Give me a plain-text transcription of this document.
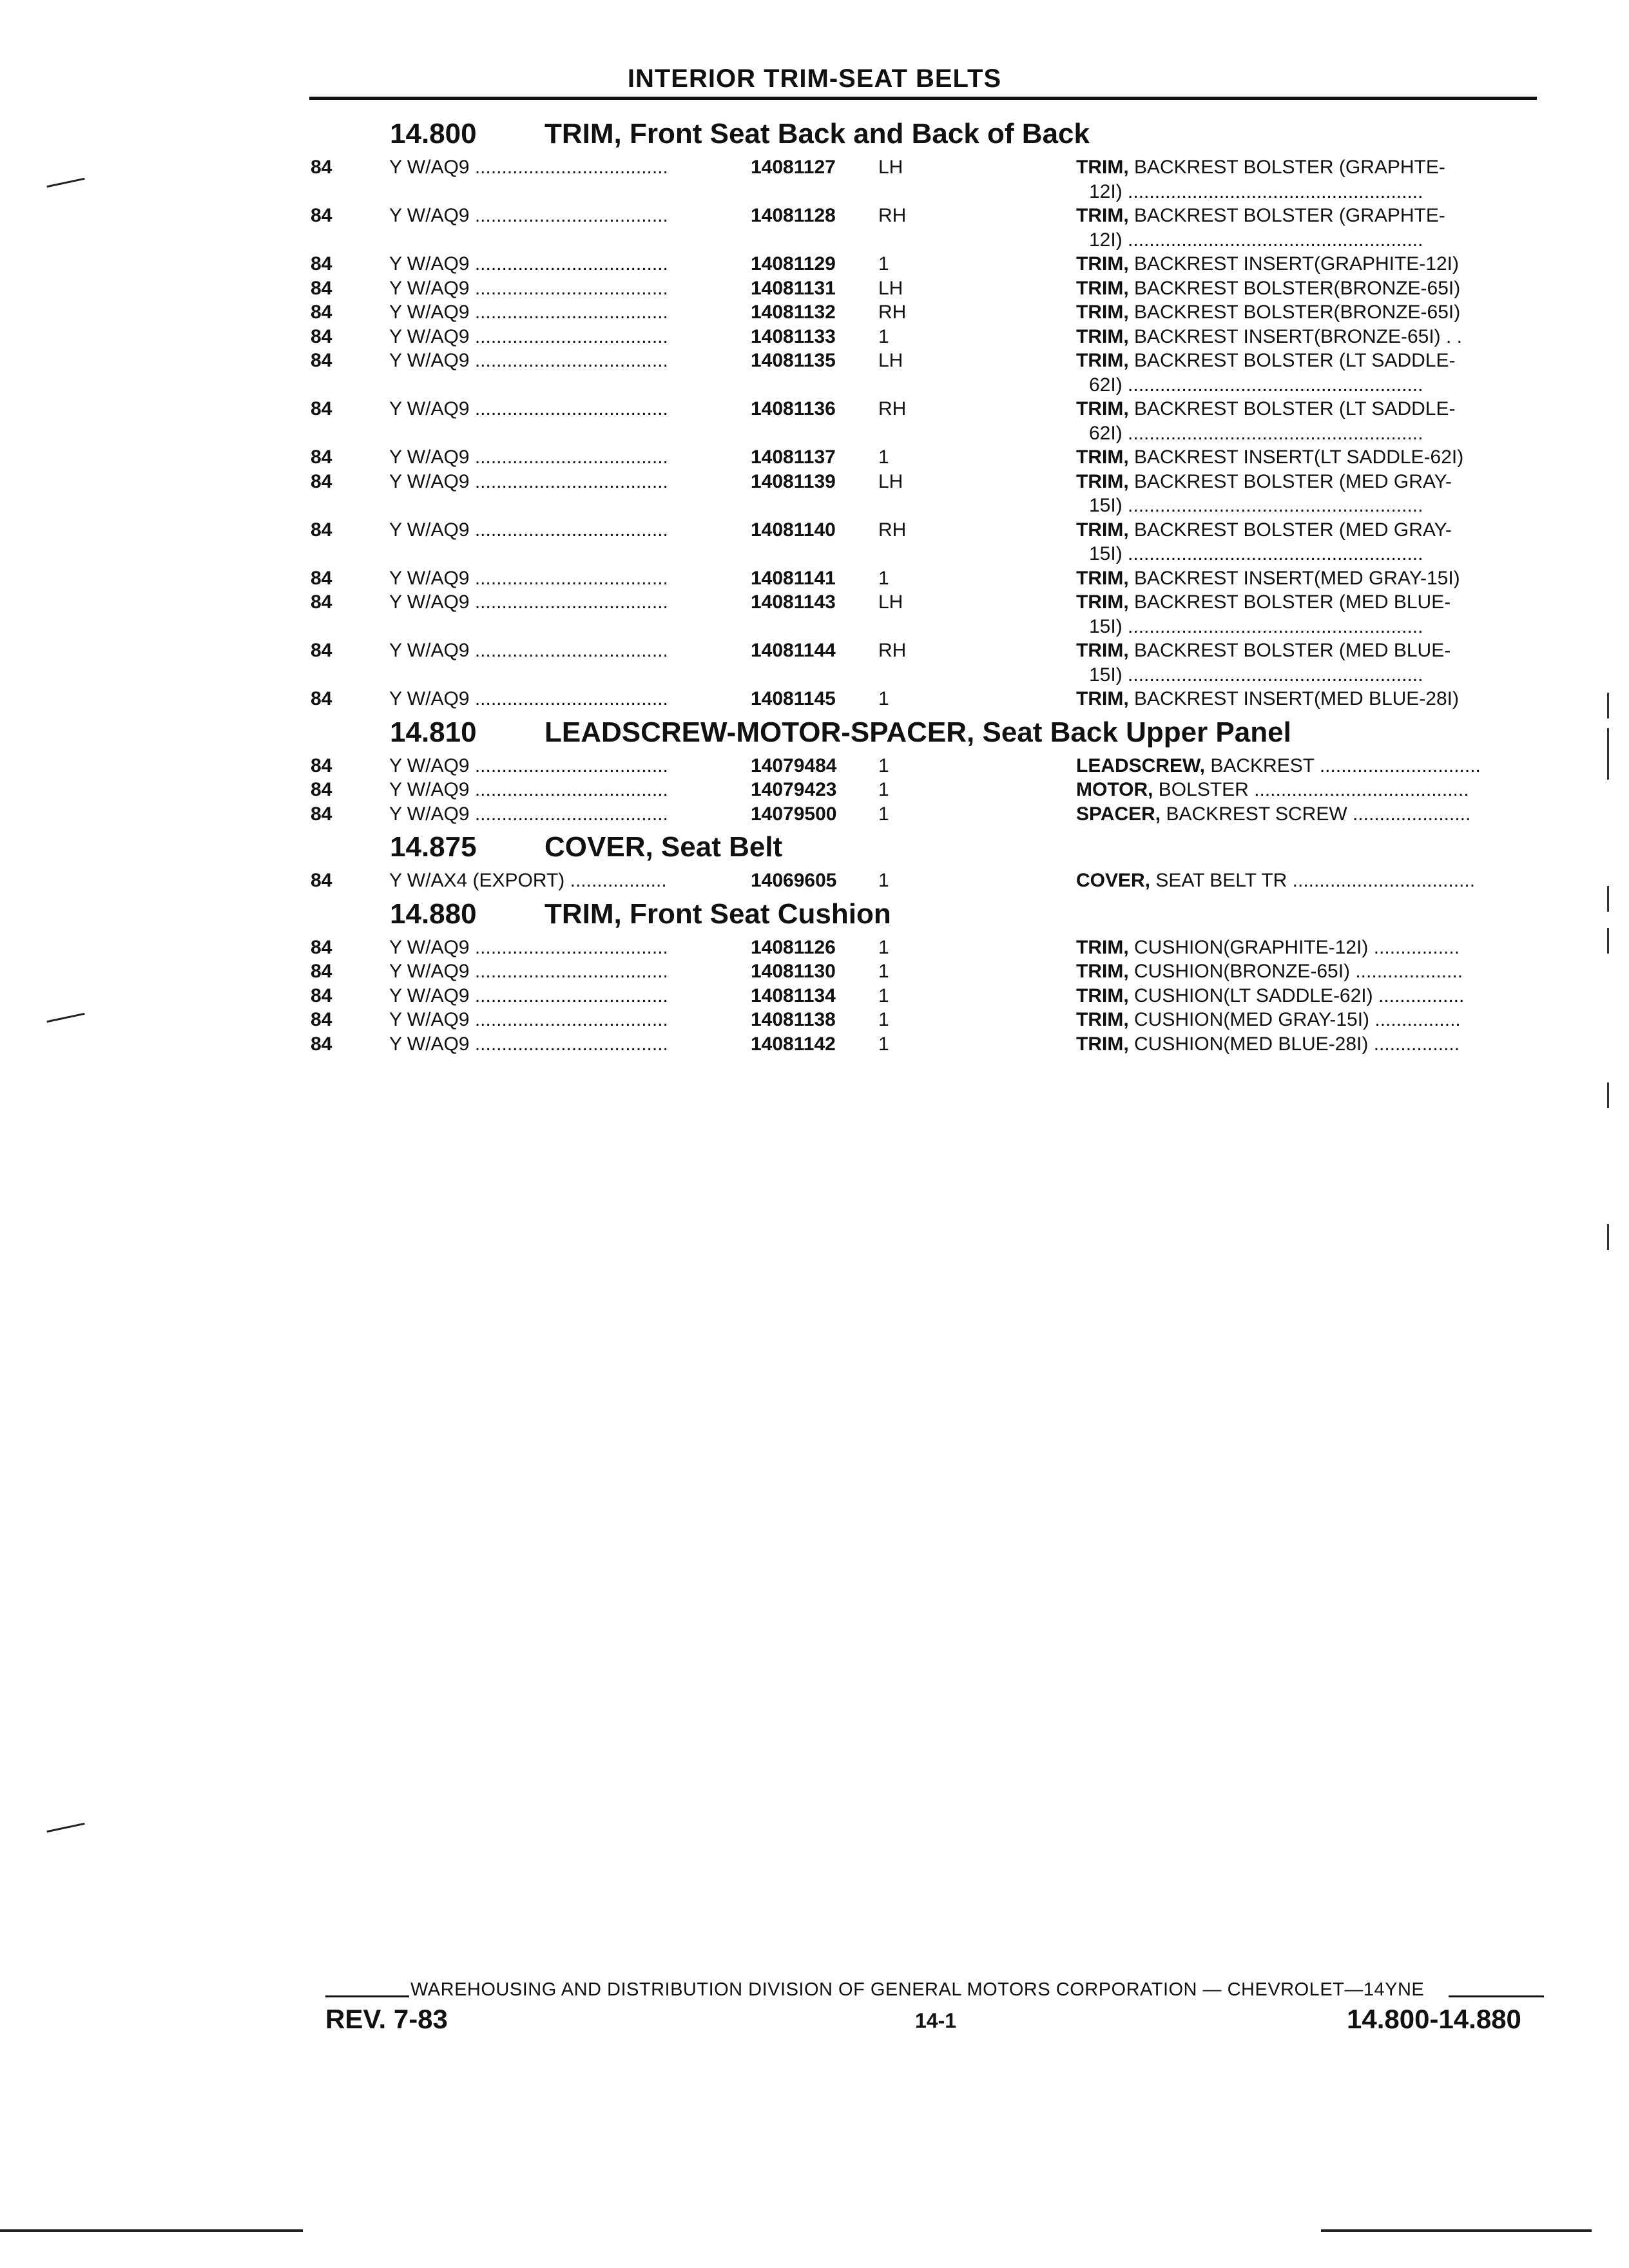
INTERIOR TRIM-SEAT BELTS
14.800 TRIM, Front Seat Back and Back of Back
84	Y W/AQ9 ....................................	14081127 LH	TRIM, BACKREST BOLSTER (GRAPHTE-
12I) .......................................................
84	Y W/AQ9 ....................................	14081128 RH	TRIM, BACKREST BOLSTER (GRAPHTE-
12I) .......................................................
84	Y W/AQ9 ....................................	14081129 1	TRIM, BACKREST INSERT(GRAPHITE-12I)
84	Y W/AQ9 ....................................	14081131 LH	TRIM, BACKREST BOLSTER(BRONZE-65I)
84	Y W/AQ9 ....................................	14081132 RH	TRIM, BACKREST BOLSTER(BRONZE-65I)
84	Y W/AQ9 ....................................	14081133 1	TRIM, BACKREST INSERT(BRONZE-65I) . .
84	Y W/AQ9 ....................................	14081135 LH	TRIM, BACKREST BOLSTER (LT SADDLE-
62I) .......................................................
84	Y W/AQ9 ....................................	14081136 RH	TRIM, BACKREST BOLSTER (LT SADDLE-
62I) .......................................................
84	Y W/AQ9 ....................................	14081137 1	TRIM, BACKREST INSERT(LT SADDLE-62I)
84	Y W/AQ9 ....................................	14081139 LH	TRIM, BACKREST BOLSTER (MED GRAY-
15I) .......................................................
84	Y W/AQ9 ....................................	14081140 RH	TRIM, BACKREST BOLSTER (MED GRAY-
15I) .......................................................
84	Y W/AQ9 ....................................	14081141 1	TRIM, BACKREST INSERT(MED GRAY-15I)
84	Y W/AQ9 ....................................	14081143 LH	TRIM, BACKREST BOLSTER (MED BLUE-
15I) .......................................................
84	Y W/AQ9 ....................................	14081144 RH	TRIM, BACKREST BOLSTER (MED BLUE-
15I) .......................................................
84	Y W/AQ9 ....................................	14081145 1	TRIM, BACKREST INSERT(MED BLUE-28I)
14.810 LEADSCREW-MOTOR-SPACER, Seat Back Upper Panel
84	Y W/AQ9 ....................................	14079484 1	LEADSCREW, BACKREST ..............................
84	Y W/AQ9 ....................................	14079423 1	MOTOR, BOLSTER ........................................
84	Y W/AQ9 ....................................	14079500 1	SPACER, BACKREST SCREW ......................
14.875 COVER, Seat Belt
84	Y W/AX4 (EXPORT) ..................	14069605 1	COVER, SEAT BELT TR ..................................
14.880 TRIM, Front Seat Cushion
84	Y W/AQ9 ....................................	14081126 1	TRIM, CUSHION(GRAPHITE-12I) ................
84	Y W/AQ9 ....................................	14081130 1	TRIM, CUSHION(BRONZE-65I) ....................
84	Y W/AQ9 ....................................	14081134 1	TRIM, CUSHION(LT SADDLE-62I) ................
84	Y W/AQ9 ....................................	14081138 1	TRIM, CUSHION(MED GRAY-15I) ................
84	Y W/AQ9 ....................................	14081142 1	TRIM, CUSHION(MED BLUE-28I) ................
WAREHOUSING AND DISTRIBUTION DIVISION OF GENERAL MOTORS CORPORATION — CHEVROLET—14YNE
REV. 7-83	14-1	14.800-14.880
